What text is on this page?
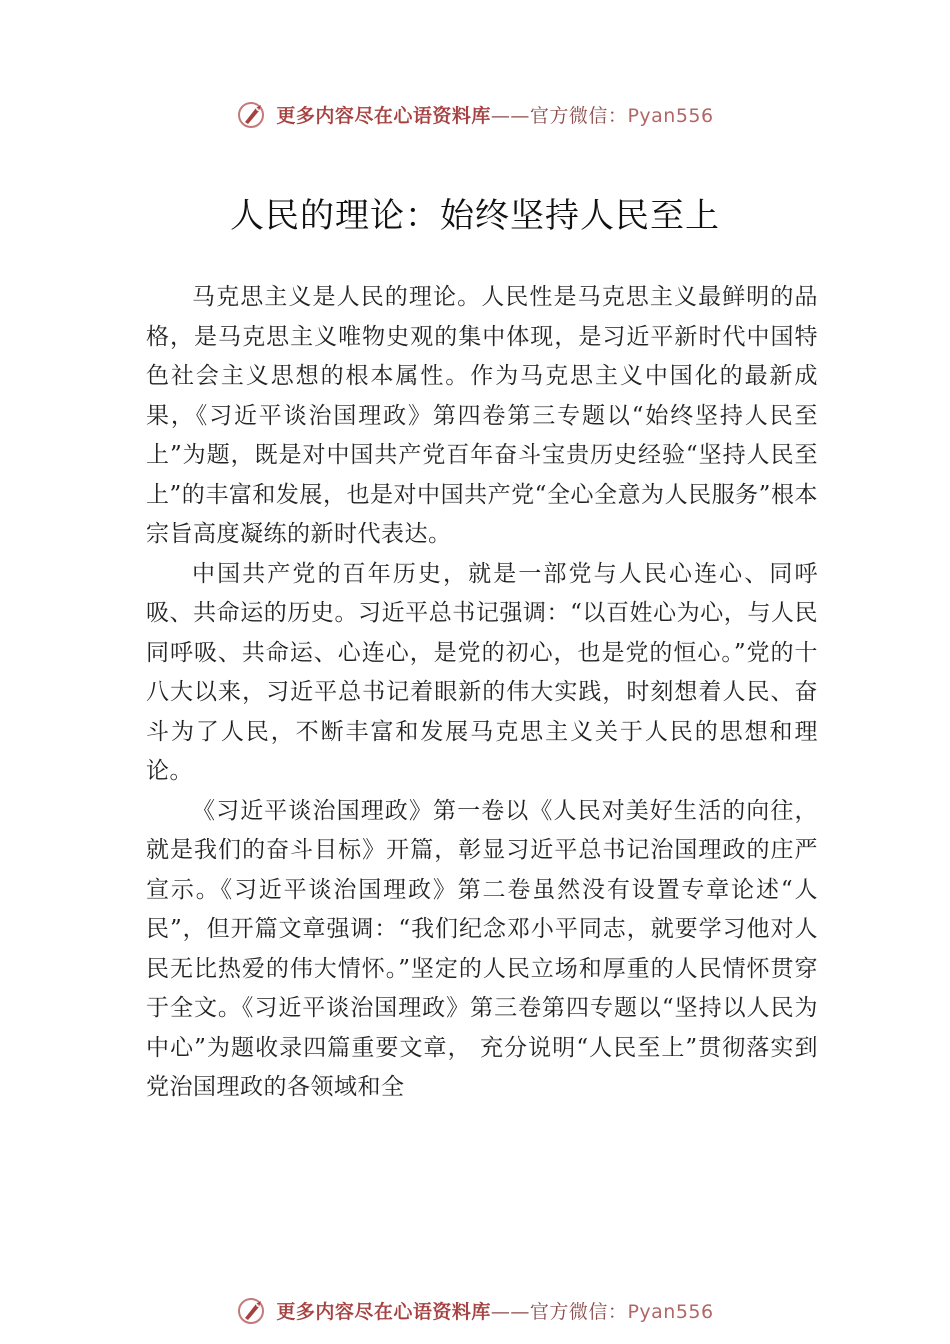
更多内容尽在心语资料库——官方微信：Pyan556
人民的理论：始终坚持人民至上

马克思主义是人民的理论。人民性是马克思主义最鲜明的品格，是马克思主义唯物史观的集中体现，是习近平新时代中国特色社会主义思想的根本属性。作为马克思主义中国化的最新成果，《习近平谈治国理政》第四卷第三专题以“始终坚持人民至上”为题，既是对中国共产党百年奋斗宝贵历史经验“坚持人民至上”的丰富和发展，也是对中国共产党“全心全意为人民服务”根本宗旨高度凝练的新时代表达。

中国共产党的百年历史，就是一部党与人民心连心、同呼吸、共命运的历史。习近平总书记强调：“以百姓心为心，与人民同呼吸、共命运、心连心，是党的初心，也是党的恒心。”党的十八大以来，习近平总书记着眼新的伟大实践，时刻想着人民、奋斗为了人民，不断丰富和发展马克思主义关于人民的思想和理论。

《习近平谈治国理政》第一卷以《人民对美好生活的向往，就是我们的奋斗目标》开篇，彰显习近平总书记治国理政的庄严宣示。《习近平谈治国理政》第二卷虽然没有设置专章论述“人民”，但开篇文章强调：“我们纪念邓小平同志，就要学习他对人民无比热爱的伟大情怀。”坚定的人民立场和厚重的人民情怀贯穿于全文。《习近平谈治国理政》第三卷第四专题以“坚持以人民为中心”为题收录四篇重要文章， 充分说明“人民至上”贯彻落实到党治国理政的各领域和全

更多内容尽在心语资料库——官方微信：Pyan556
